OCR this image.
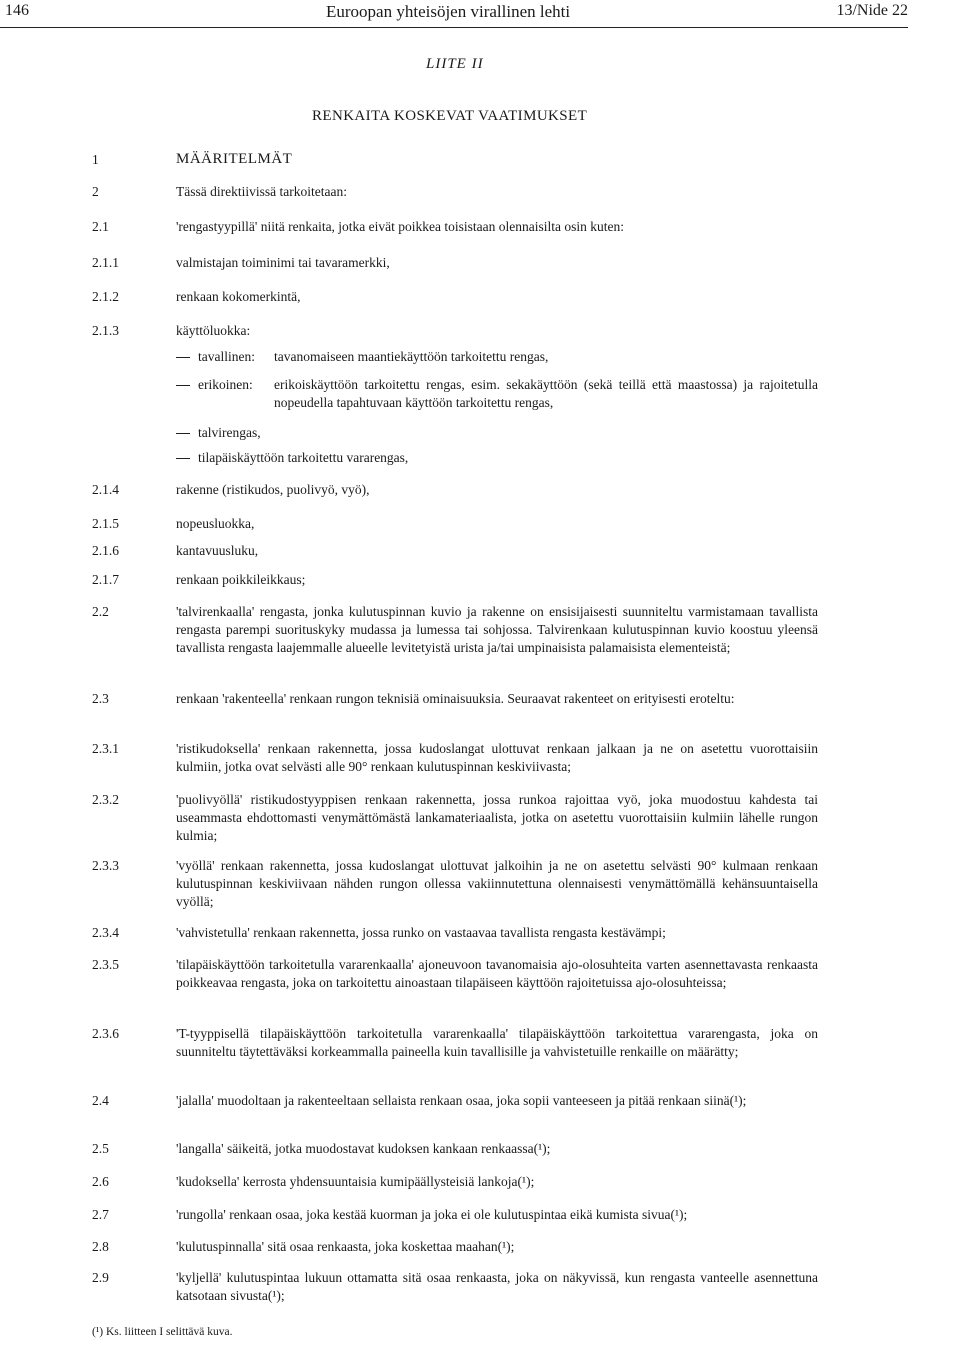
146	Euroopan yhteisöjen virallinen lehti	13/Nide 22
LIITE II
RENKAITA KOSKEVAT VAATIMUKSET
1	MÄÄRITELMÄT
2	Tässä direktiivissä tarkoitetaan:
2.1	'rengastyypillä' niitä renkaita, jotka eivät poikkea toisistaan olennaisilta osin kuten:
2.1.1	valmistajan toiminimi tai tavaramerkki,
2.1.2	renkaan kokomerkintä,
2.1.3	käyttöluokka:
tavallinen: tavanomaiseen maantiekäyttöön tarkoitettu rengas,
erikoinen: erikoiskäyttöön tarkoitettu rengas, esim. sekakäyttöön (sekä teillä että maastossa) ja rajoitetulla nopeudella tapahtuvaan käyttöön tarkoitettu rengas,
talvirengas,
tilapäiskäyttöön tarkoitettu vararengas,
2.1.4	rakenne (ristikudos, puolivyö, vyö),
2.1.5	nopeusluokka,
2.1.6	kantavuusluku,
2.1.7	renkaan poikkileikkaus;
2.2	'talvirenkaalla' rengasta, jonka kulutuspinnan kuvio ja rakenne on ensisijaisesti suunniteltu varmistamaan tavallista rengasta parempi suorituskyky mudassa ja lumessa tai sohjossa. Talvirenkaan kulutuspinnan kuvio koostuu yleensä tavallista rengasta laajemmalle alueelle levitetyistä urista ja/tai umpinaisista palamaisista elementeistä;
2.3	renkaan 'rakenteella' renkaan rungon teknisiä ominaisuuksia. Seuraavat rakenteet on erityisesti eroteltu:
2.3.1	'ristikudoksella' renkaan rakennetta, jossa kudoslangat ulottuvat renkaan jalkaan ja ne on asetettu vuorottaisiin kulmiin, jotka ovat selvästi alle 90° renkaan kulutuspinnan keskiviivasta;
2.3.2	'puolivyöllä' ristikudostyyppisen renkaan rakennetta, jossa runkoa rajoittaa vyö, joka muodostuu kahdesta tai useammasta ehdottomasti venymättömästä lankamateriaalista, jotka on asetettu vuorottaisiin kulmiin lähelle rungon kulmia;
2.3.3	'vyöllä' renkaan rakennetta, jossa kudoslangat ulottuvat jalkoihin ja ne on asetettu selvästi 90° kulmaan renkaan kulutuspinnan keskiviivaan nähden rungon ollessa vakiinnutettuna olennaisesti venymättömällä kehänsuuntaisella vyöllä;
2.3.4	'vahvistetulla' renkaan rakennetta, jossa runko on vastaavaa tavallista rengasta kestävämpi;
2.3.5	'tilapäiskäyttöön tarkoitetulla vararenkaalla' ajoneuvoon tavanomaisia ajo-olosuhteita varten asennettavasta renkaasta poikkeavaa rengasta, joka on tarkoitettu ainoastaan tilapäiseen käyttöön rajoitetuissa ajo-olosuhteissa;
2.3.6	'T-tyyppisellä tilapäiskäyttöön tarkoitetulla vararenkaalla' tilapäiskäyttöön tarkoitettua vararengasta, joka on suunniteltu täytettäväksi korkeammalla paineella kuin tavallisille ja vahvistetuille renkaille on määrätty;
2.4	'jalalla' muodoltaan ja rakenteeltaan sellaista renkaan osaa, joka sopii vanteeseen ja pitää renkaan siinä(¹);
2.5	'langalla' säikeitä, jotka muodostavat kudoksen kankaan renkaassa(¹);
2.6	'kudoksella' kerrosta yhdensuuntaisia kumipäällysteisiä lankoja(¹);
2.7	'rungolla' renkaan osaa, joka kestää kuorman ja joka ei ole kulutuspintaa eikä kumista sivua(¹);
2.8	'kulutuspinnalla' sitä osaa renkaasta, joka koskettaa maahan(¹);
2.9	'kyljellä' kulutuspintaa lukuun ottamatta sitä osaa renkaasta, joka on näkyvissä, kun rengasta vanteelle asennettuna katsotaan sivusta(¹);
(¹) Ks. liitteen I selittävä kuva.
